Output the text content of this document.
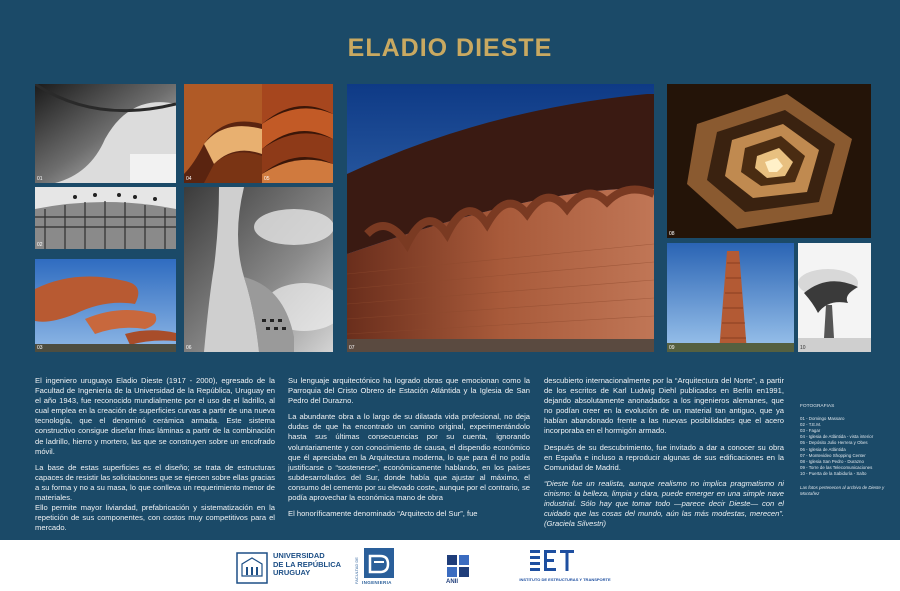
ELADIO DIESTE
01
02
03
04	05
06	07
08
09	10

El ingeniero uruguayo Eladio Dieste (1917 - 2000), egresado de la Facultad de Ingeniería de la Universidad de la República, Uruguay en el año 1943, fue reconocido mundialmente por el uso de el ladrillo, al cual emplea en la creación de superficies curvas a partir de una nueva tecnología, que el denominó cerámica armada. Este sistema constructivo consigue diseñar finas láminas a partir de la combinación de ladrillo, hierro y mortero, las que se construyen sobre un encofrado móvil.

La base de estas superficies es el diseño; se trata de estructuras capaces de resistir las solicitaciones que se ejercen sobre ellas gracias a su forma y no a su masa, lo que conlleva un requerimiento menor de materiales.

Ello permite mayor liviandad, prefabricación y sistematización en la repetición de sus componentes, con costos muy competitivos para el mercado.

Su lenguaje arquitectónico ha logrado obras que emocionan como la Parroquia del Cristo Obrero de Estación Atlántida y la Iglesia de San Pedro del Durazno.

La abundante obra a lo largo de su dilatada vida profesional, no deja dudas de que ha encontrado un camino original, experimentándolo hasta sus últimas consecuencias por su cuenta, ignorando voluntariamente y con conocimiento de causa, el dispendio económico que él apreciaba en la Arquitectura moderna, lo que para él no podía justificarse o “sostenerse”, económicamente hablando, en los países subdesarrollados del Sur, donde había que ajustar al máximo, el consumo del cemento por su elevado coste, aunque por el contrario, se podía aprovechar la económica mano de obra

El honoríficamente denominado “Arquitecto del Sur”, fue

descubierto internacionalmente por la “Arquitectura del Norte”, a partir de los escritos de Karl Ludwig Diehl publicados en Berlin en1991, dejando absolutamente anonadados a los ingenieros alemanes, que no podían creer en la evolución de un material tan antiguo, que ya habían abandonado frente a las nuevas posibilidades que el acero incorporaba en el hormigón armado.

Después de su descubrimiento, fue invitado a dar a conocer su obra en España e incluso a reproducir algunas de sus edificaciones en la Comunidad de Madrid.

“Dieste fue un realista, aunque realismo no implica pragmatismo ni cinismo: la belleza, limpia y clara, puede emerger en una simple nave industrial. Sólo hay que tomar todo —parece decir Dieste— con el cuidado que las cosas del mundo, aún las más modestas, merecen”. (Graciela Silvestri)

FOTOGRAFIAS
01 - Domingo Massaro
02 - T.E.M.
03 - Fagar
04 - Iglesia de Atlántida - vista interior
05 - Depósito Julio Herrera y Obes
06 - Iglesia de Atlántida
07 - Montevideo Shopping Center
08 - Iglesia San Pedro - Durazno
09 - Torre de las Telecomunicaciones
10 - Puerta de la Sabiduría - Salto
Las fotos pertenecen al archivo de Dieste y Montañez
UNIVERSIDAD
DE LA REPÚBLICA
URUGUAY	FACULTAD DE INGENIERIA	ANII	INSTITUTO DE ESTRUCTURAS Y TRANSPORTE
